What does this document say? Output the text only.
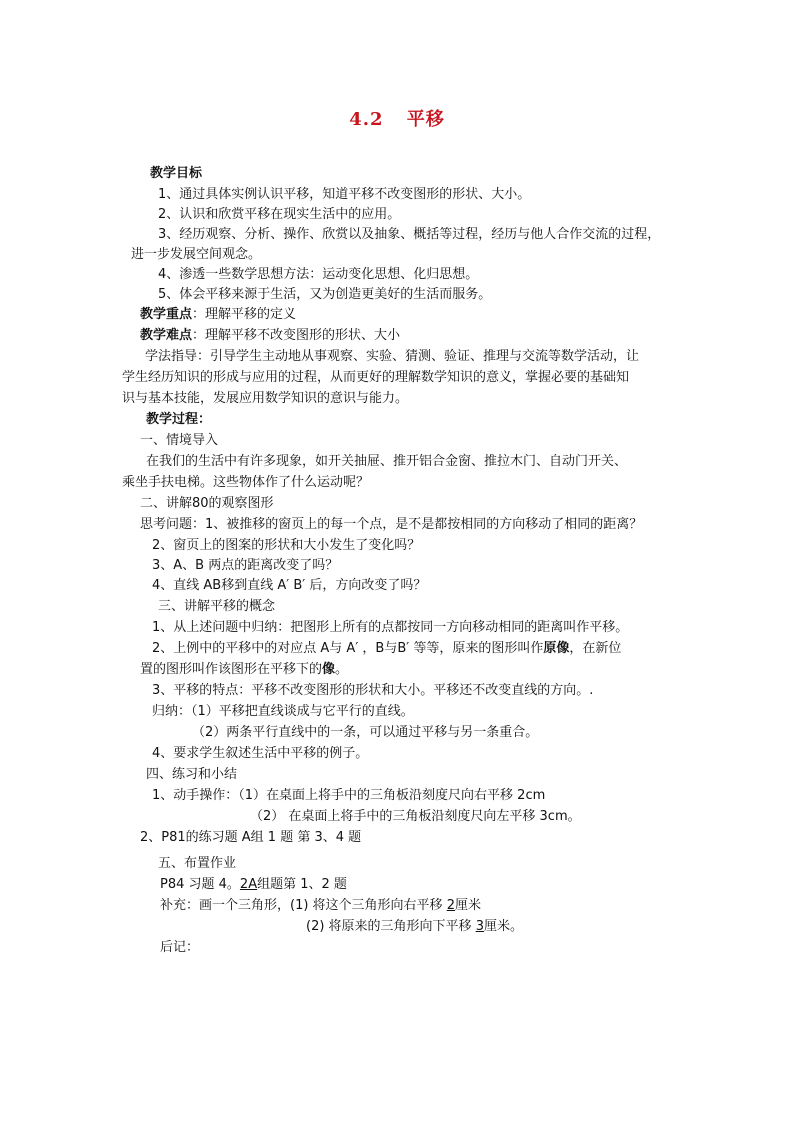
4.2 平移
教学目标
1、通过具体实例认识平移，知道平移不改变图形的形状、大小。
2、认识和欣赏平移在现实生活中的应用。
3、经历观察、分析、操作、欣赏以及抽象、概括等过程，经历与他人合作交流的过程，
进一步发展空间观念。
4、渗透一些数学思想方法：运动变化思想、化归思想。
5、体会平移来源于生活，又为创造更美好的生活而服务。
教学重点：理解平移的定义
教学难点：理解平移不改变图形的形状、大小
学法指导：引导学生主动地从事观察、实验、猜测、验证、推理与交流等数学活动，让
学生经历知识的形成与应用的过程，从而更好的理解数学知识的意义，掌握必要的基础知
识与基本技能，发展应用数学知识的意识与能力。
教学过程：
一、情境导入
在我们的生活中有许多现象，如开关抽屉、推开铝合金窗、推拉木门、自动门开关、
乘坐手扶电梯。这些物体作了什么运动呢？
二、讲解80的观察图形
思考问题：1、被推移的窗页上的每一个点，是不是都按相同的方向移动了相同的距离？
2、窗页上的图案的形状和大小发生了变化吗？
3、A、B 两点的距离改变了吗？
4、直线 AB移到直线 A′ B′ 后，方向改变了吗？
三、讲解平移的概念
1、从上述问题中归纳：把图形上所有的点都按同一方向移动相同的距离叫作平移。
2、上例中的平移中的对应点 A与 A′ ，B与B′ 等等，原来的图形叫作原像，在新位
置的图形叫作该图形在平移下的像。
3、平移的特点：平移不改变图形的形状和大小。平移还不改变直线的方向。.
归纳：（1）平移把直线谈成与它平行的直线。
（2）两条平行直线中的一条，可以通过平移与另一条重合。
4、要求学生叙述生活中平移的例子。
四、练习和小结
1、动手操作：（1）在桌面上将手中的三角板沿刻度尺向右平移 2cm
（2） 在桌面上将手中的三角板沿刻度尺向左平移 3cm。
2、P81的练习题 A组 1 题 第 3、4 题
五、布置作业
P84 习题 4。2A组题第 1、2 题
补充：画一个三角形，(1) 将这个三角形向右平移 2厘米
(2) 将原来的三角形向下平移 3厘米。
后记：
